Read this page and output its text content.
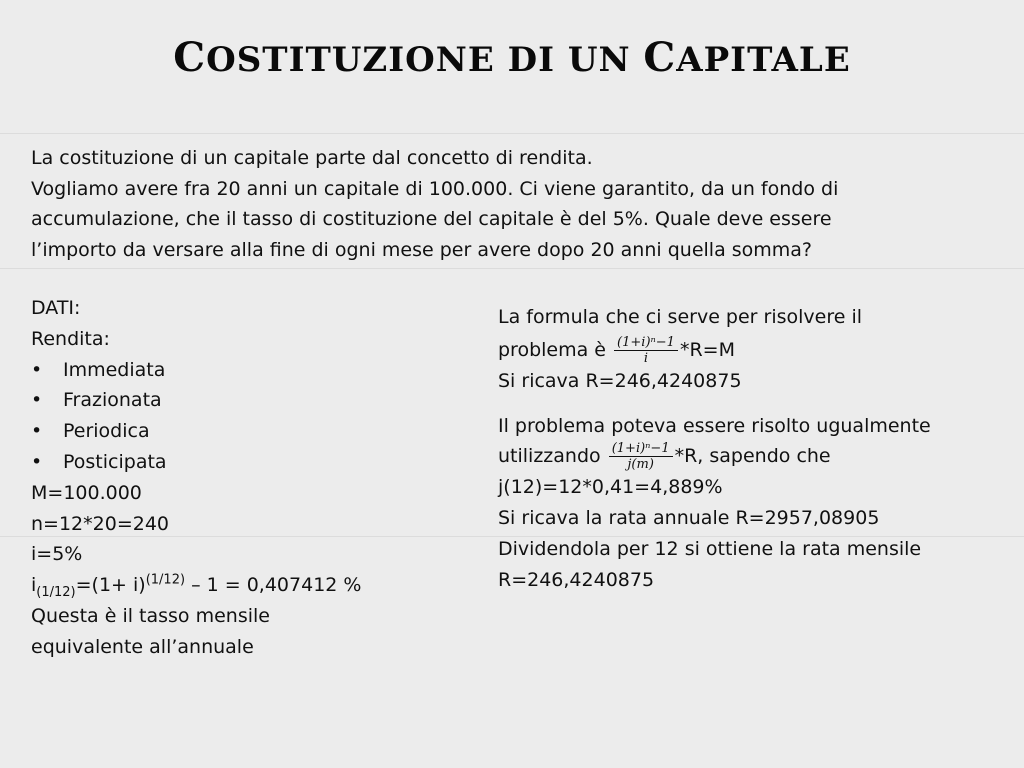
COSTITUZIONE DI UN CAPITALE
La costituzione di un capitale parte dal concetto di rendita.
Vogliamo avere fra 20 anni un capitale di 100.000. Ci viene garantito, da un fondo di
accumulazione, che il tasso di costituzione del capitale è del 5%. Quale deve essere
l’importo da versare alla fine di ogni mese per avere dopo 20 anni quella somma?
DATI:
Rendita:
• Immediata
• Frazionata
• Periodica
• Posticipata
M=100.000
n=12*20=240
i=5%
$i_{(1/12)}=(1+ i)^{(1/12)} - 1 = 0,407412$ %
Questa è il tasso mensile
equivalente all’annuale
La formula che ci serve per risolvere il
problema è $\frac{\text{(1+i)ⁿ−1}}{i} *R=M$
Si ricava R=246,4240875
Il problema poteva essere risolto ugualmente
utilizzando $\frac{\text{(1+i)ⁿ−1}}{j(m)} *R$, sapendo che
j(12)=12*0,41=4,889%
Si ricava la rata annuale R=2957,08905
Dividendola per 12 si ottiene la rata mensile
R=246,4240875
